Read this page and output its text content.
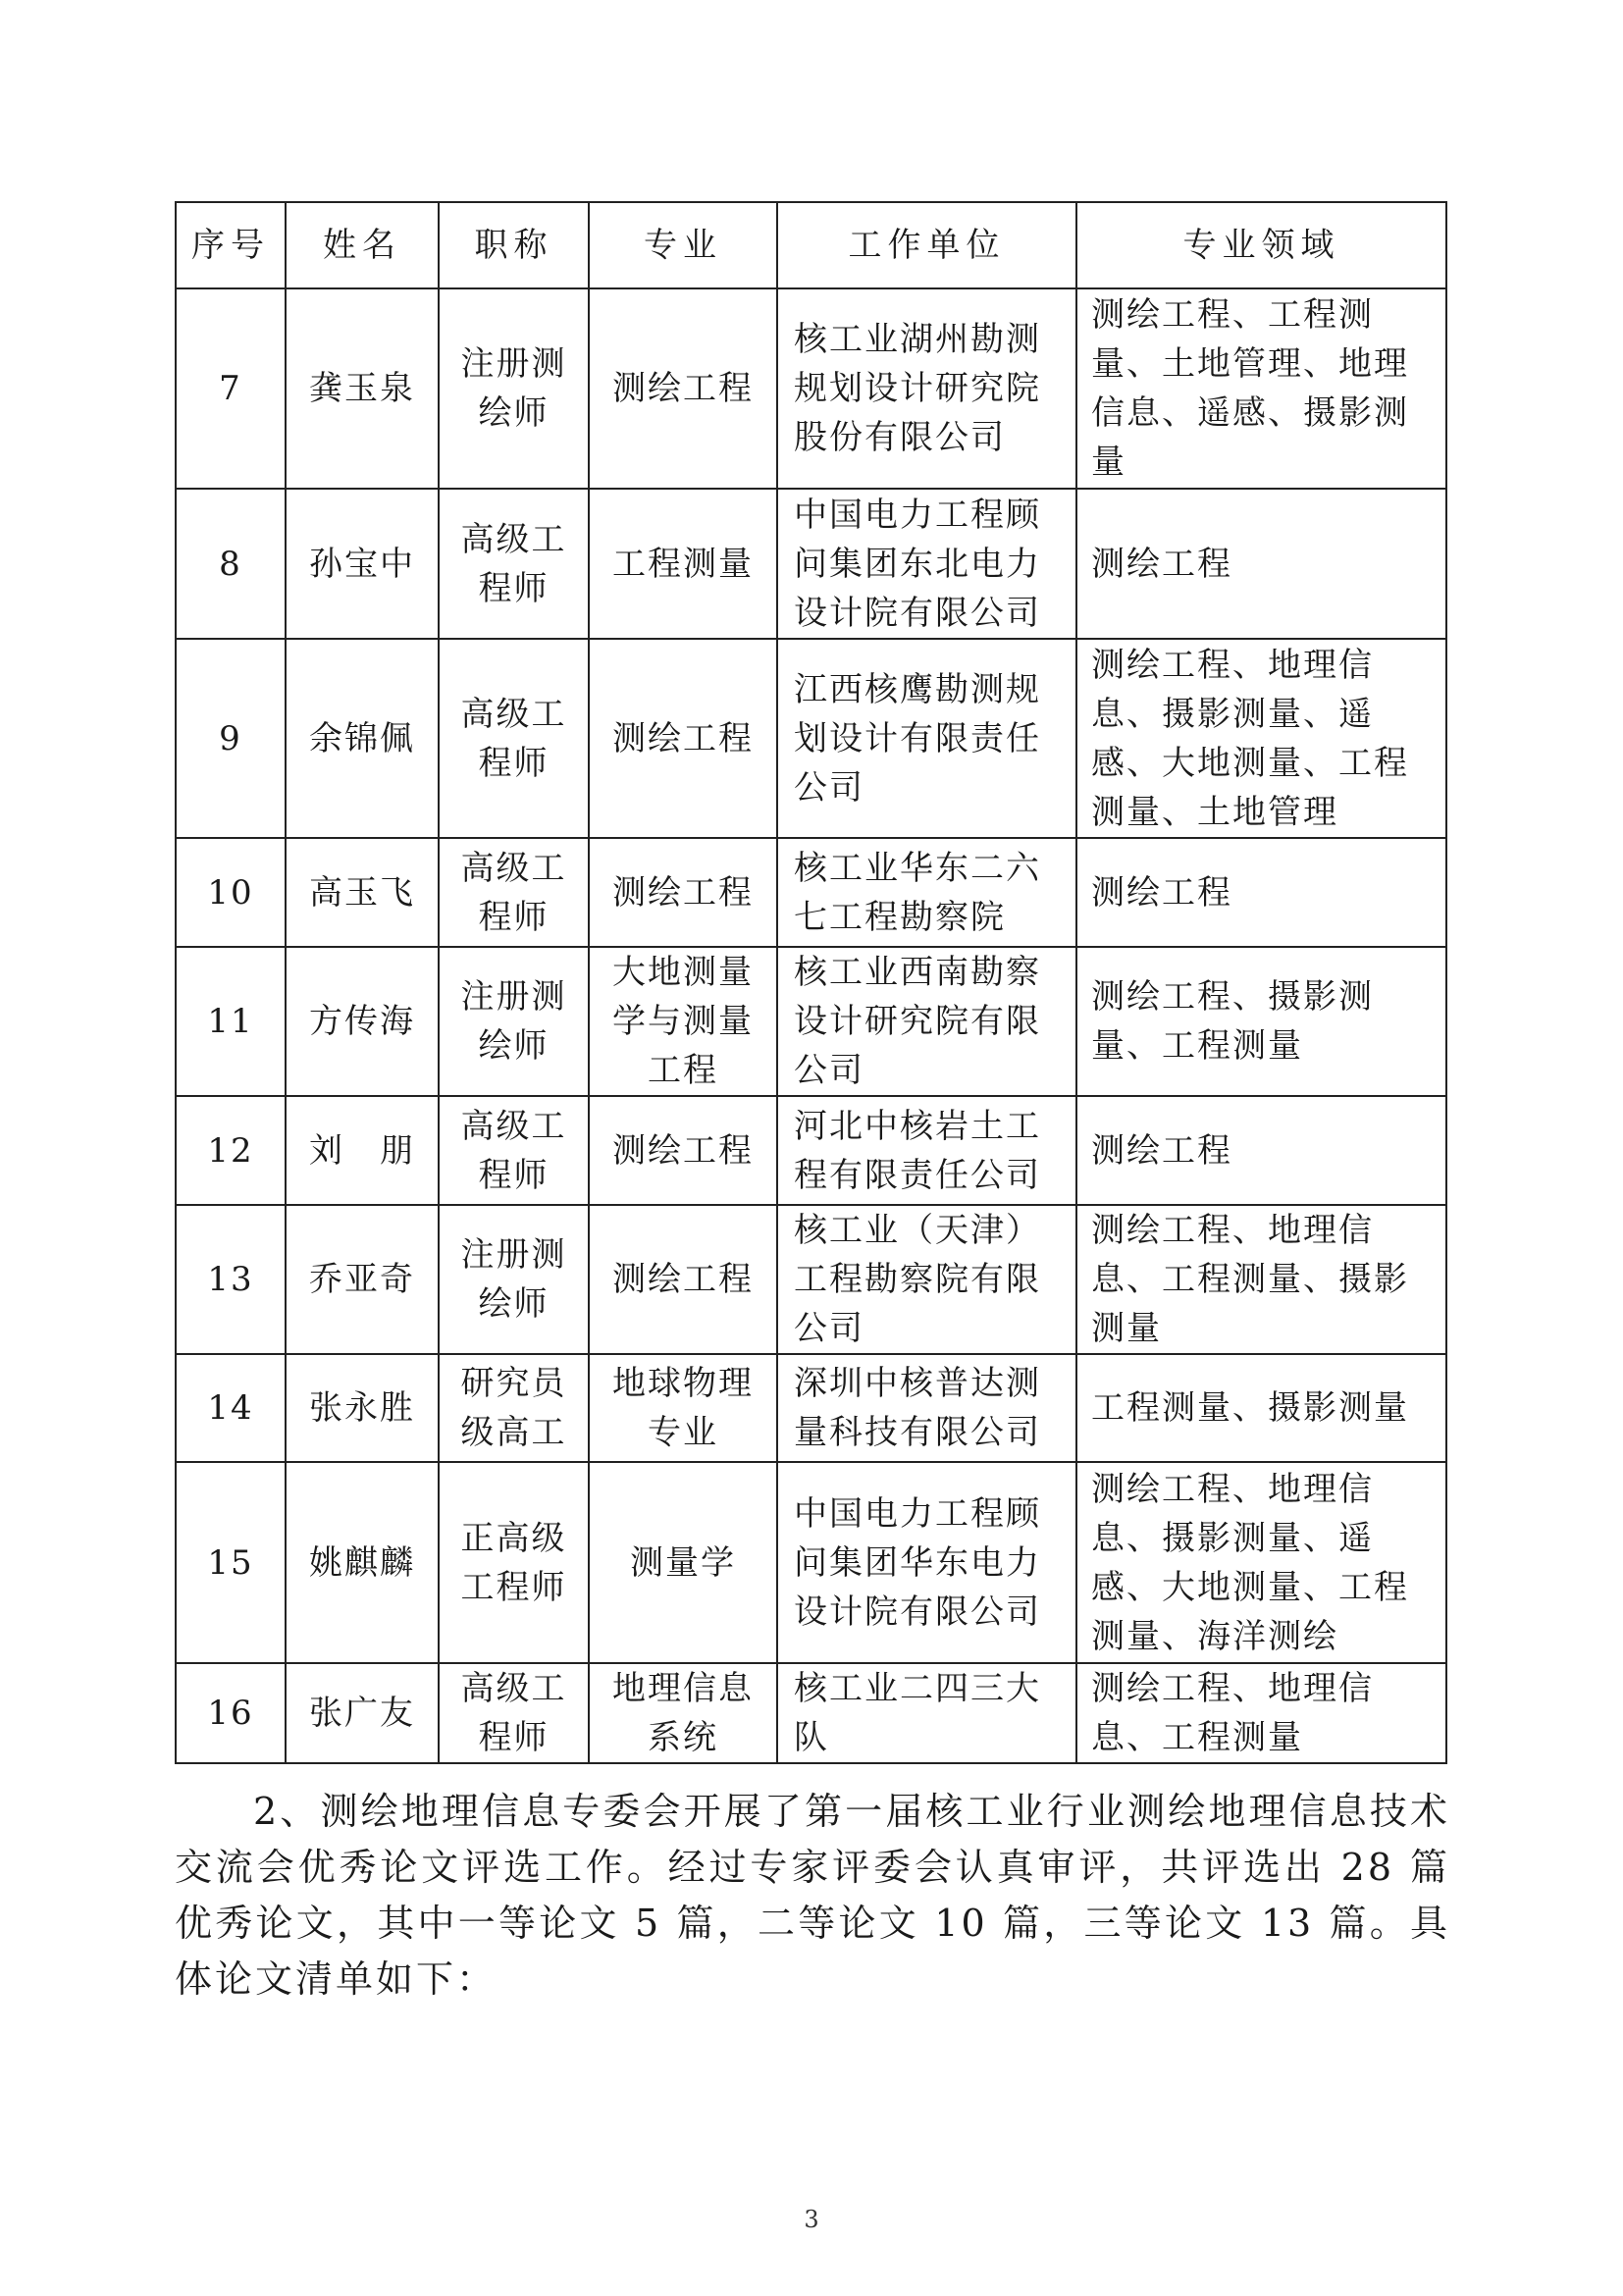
序号	姓名	职称	专业	工作单位	专业领域
7	龚玉泉	注册测绘师	测绘工程	核工业湖州勘测规划设计研究院股份有限公司	测绘工程、工程测量、土地管理、地理信息、遥感、摄影测量
8	孙宝中	高级工程师	工程测量	中国电力工程顾问集团东北电力设计院有限公司	测绘工程
9	余锦佩	高级工程师	测绘工程	江西核鹰勘测规划设计有限责任公司	测绘工程、地理信息、摄影测量、遥感、大地测量、工程测量、土地管理
10	高玉飞	高级工程师	测绘工程	核工业华东二六七工程勘察院	测绘工程
11	方传海	注册测绘师	大地测量学与测量工程	核工业西南勘察设计研究院有限公司	测绘工程、摄影测量、工程测量
12	刘　朋	高级工程师	测绘工程	河北中核岩土工程有限责任公司	测绘工程
13	乔亚奇	注册测绘师	测绘工程	核工业（天津）工程勘察院有限公司	测绘工程、地理信息、工程测量、摄影测量
14	张永胜	研究员级高工	地球物理专业	深圳中核普达测量科技有限公司	工程测量、摄影测量
15	姚麒麟	正高级工程师	测量学	中国电力工程顾问集团华东电力设计院有限公司	测绘工程、地理信息、摄影测量、遥感、大地测量、工程测量、海洋测绘
16	张广友	高级工程师	地理信息系统	核工业二四三大队	测绘工程、地理信息、工程测量

2、测绘地理信息专委会开展了第一届核工业行业测绘地理信息技术交流会优秀论文评选工作。经过专家评委会认真审评，共评选出 28 篇优秀论文，其中一等论文 5 篇，二等论文 10 篇，三等论文 13 篇。具体论文清单如下：

3
